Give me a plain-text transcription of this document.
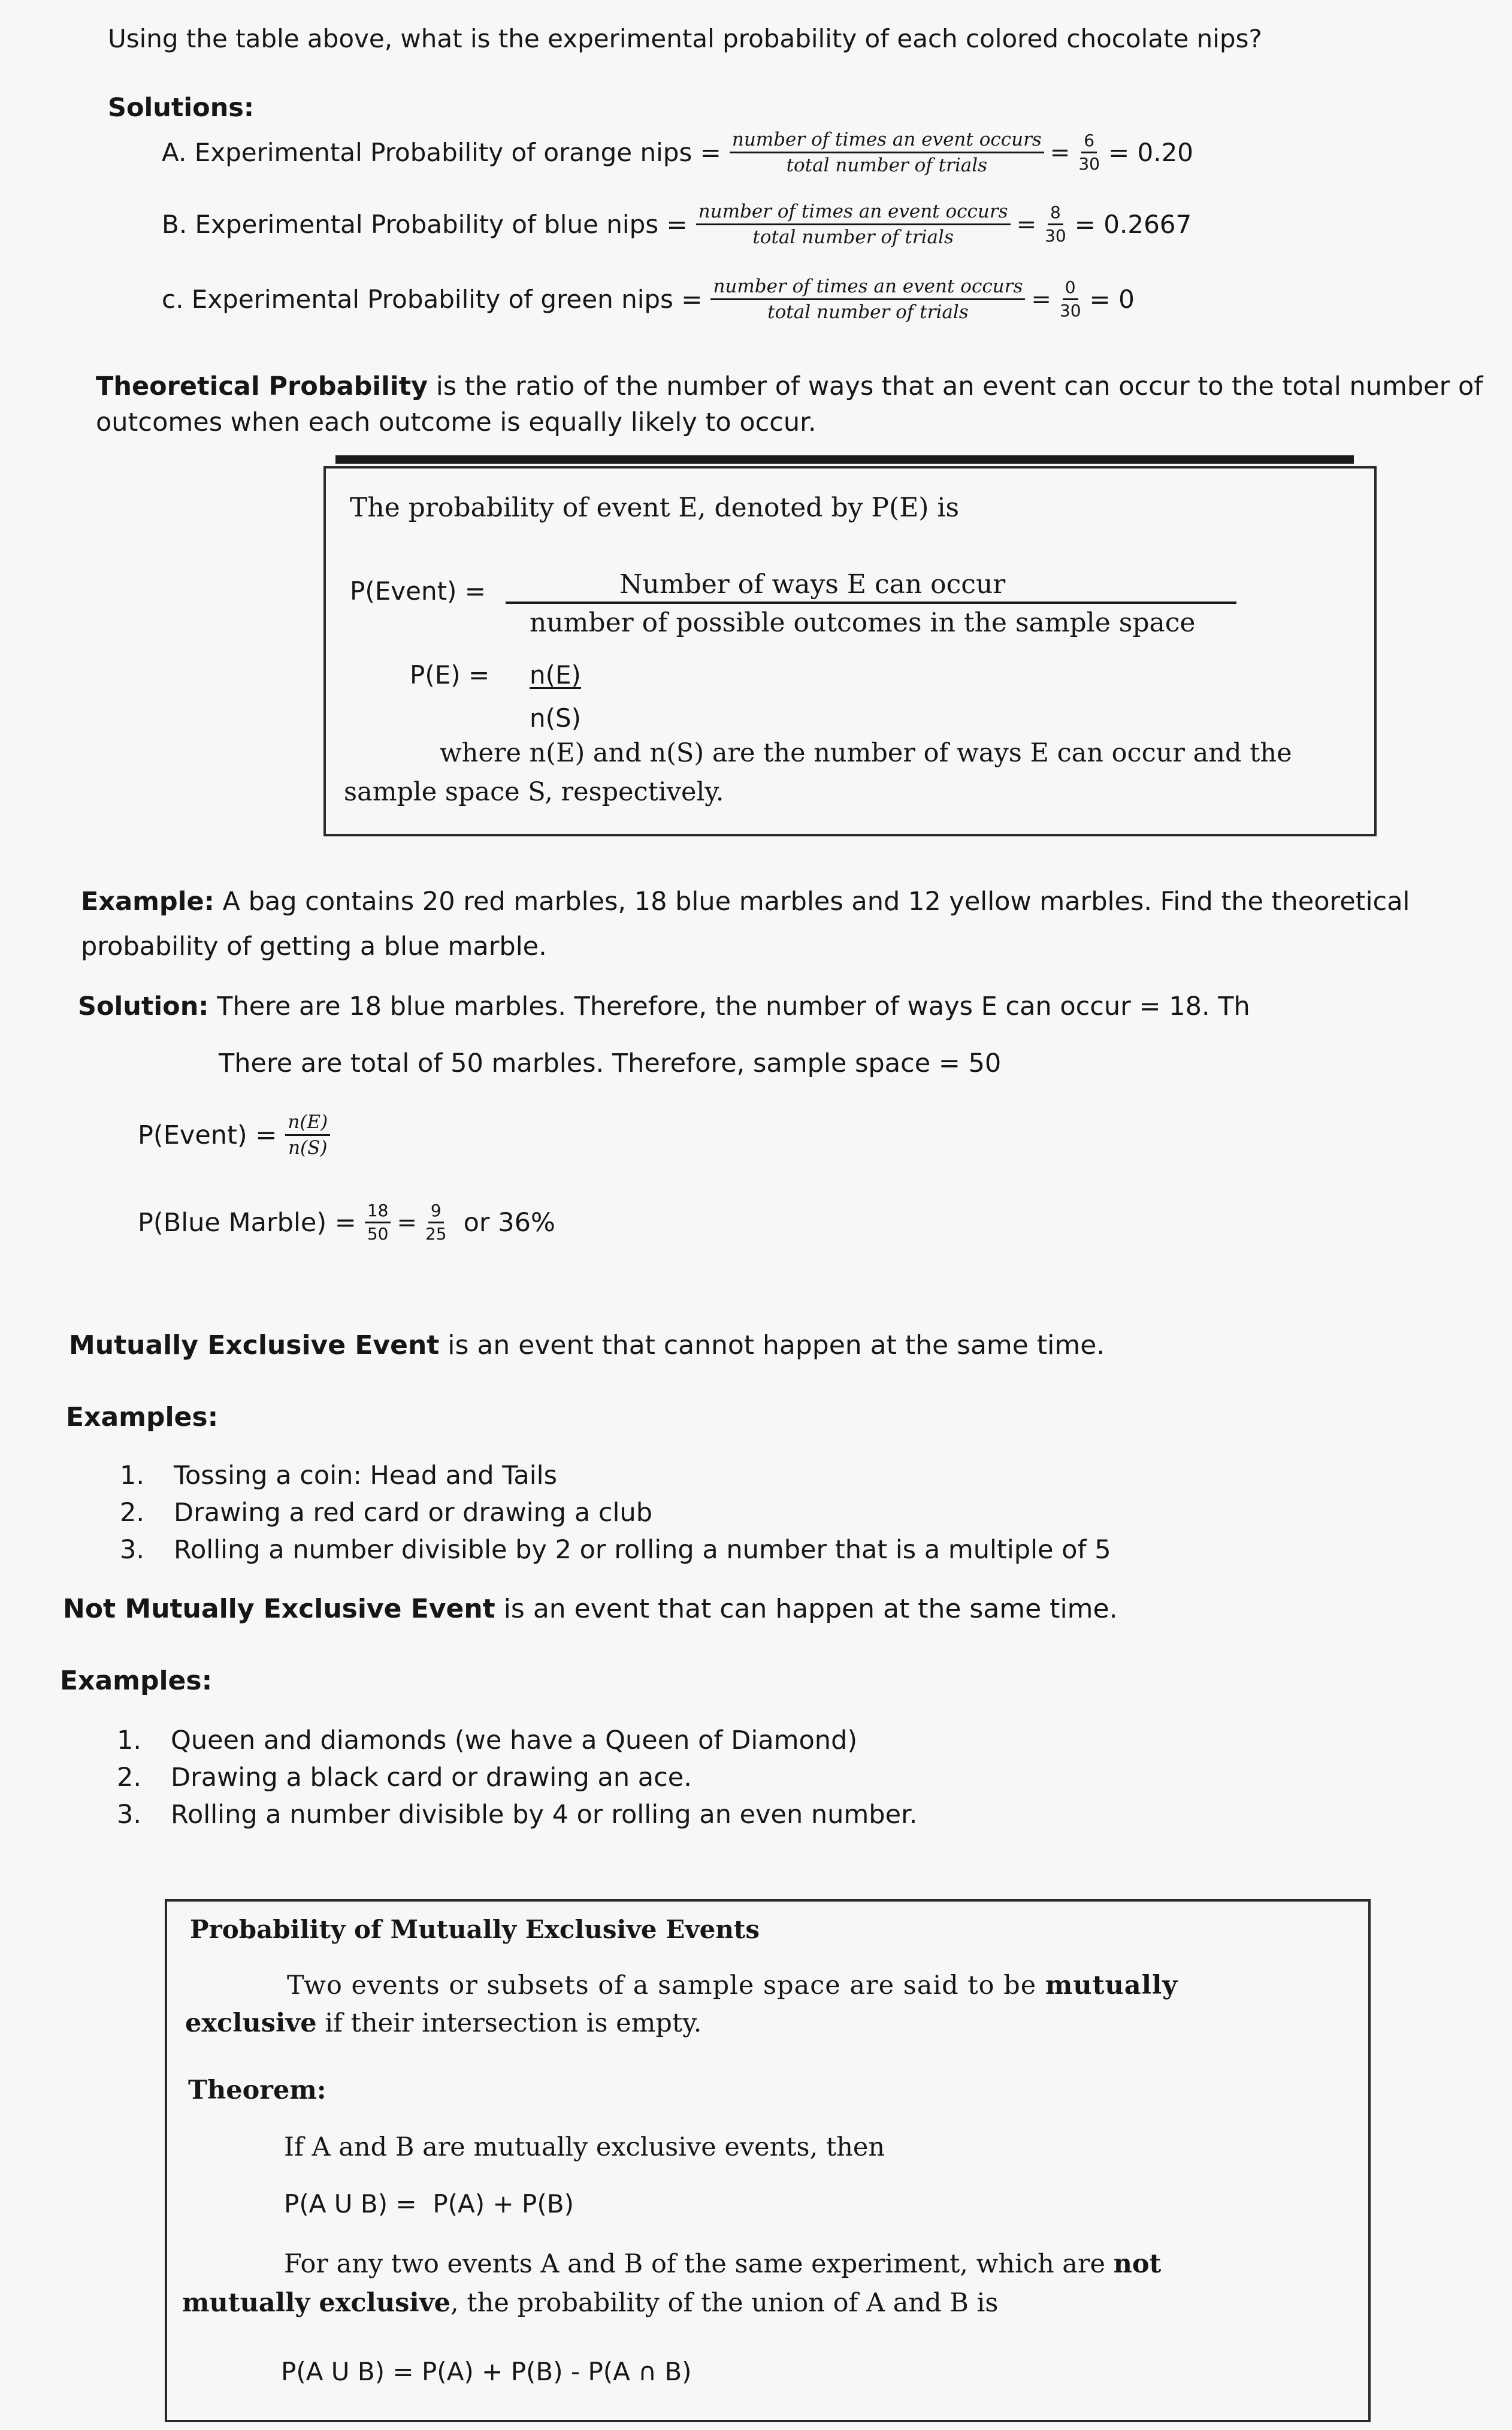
Using the table above, what is the experimental probability of each colored chocolate nips?
Solutions:
A. Experimental Probability of orange nips = $\frac{\text{number of times an event occurs}}{\text{total number of trials}} = \frac{6}{30} = 0.20$
B. Experimental Probability of blue nips = $\frac{\text{number of times an event occurs}}{\text{total number of trials}} = \frac{8}{30} = 0.2667$
c. Experimental Probability of green nips = $\frac{\text{number of times an event occurs}}{\text{total number of trials}} = \frac{0}{30} = 0$
Theoretical Probability is the ratio of the number of ways that an event can occur to the total number of
outcomes when each outcome is equally likely to occur.
The probability of event E, denoted by P(E) is
P(Event) =	Number of ways E can occur
number of possible outcomes in the sample space
P(E) = n(E)
n(S)
where n(E) and n(S) are the number of ways E can occur and the
sample space S, respectively.
Example: A bag contains 20 red marbles, 18 blue marbles and 12 yellow marbles. Find the theoretical
probability of getting a blue marble.
Solution: There are 18 blue marbles. Therefore, the number of ways E can occur = 18. Th
There are total of 50 marbles. Therefore, sample space = 50
P(Event) = $\frac{n(E)}{n(S)}$
P(Blue Marble) = $\frac{18}{50} = \frac{9}{25}$ or 36%
Mutually Exclusive Event is an event that cannot happen at the same time.
Examples:
1. Tossing a coin: Head and Tails
2. Drawing a red card or drawing a club
3. Rolling a number divisible by 2 or rolling a number that is a multiple of 5
Not Mutually Exclusive Event is an event that can happen at the same time.
Examples:
1. Queen and diamonds (we have a Queen of Diamond)
2. Drawing a black card or drawing an ace.
3. Rolling a number divisible by 4 or rolling an even number.
Probability of Mutually Exclusive Events
Two events or subsets of a sample space are said to be mutually
exclusive if their intersection is empty.
Theorem:
If A and B are mutually exclusive events, then
P(A U B) =  P(A) + P(B)
For any two events A and B of the same experiment, which are not
mutually exclusive, the probability of the union of A and B is
P(A U B) = P(A) + P(B) - P(A ∩ B)
